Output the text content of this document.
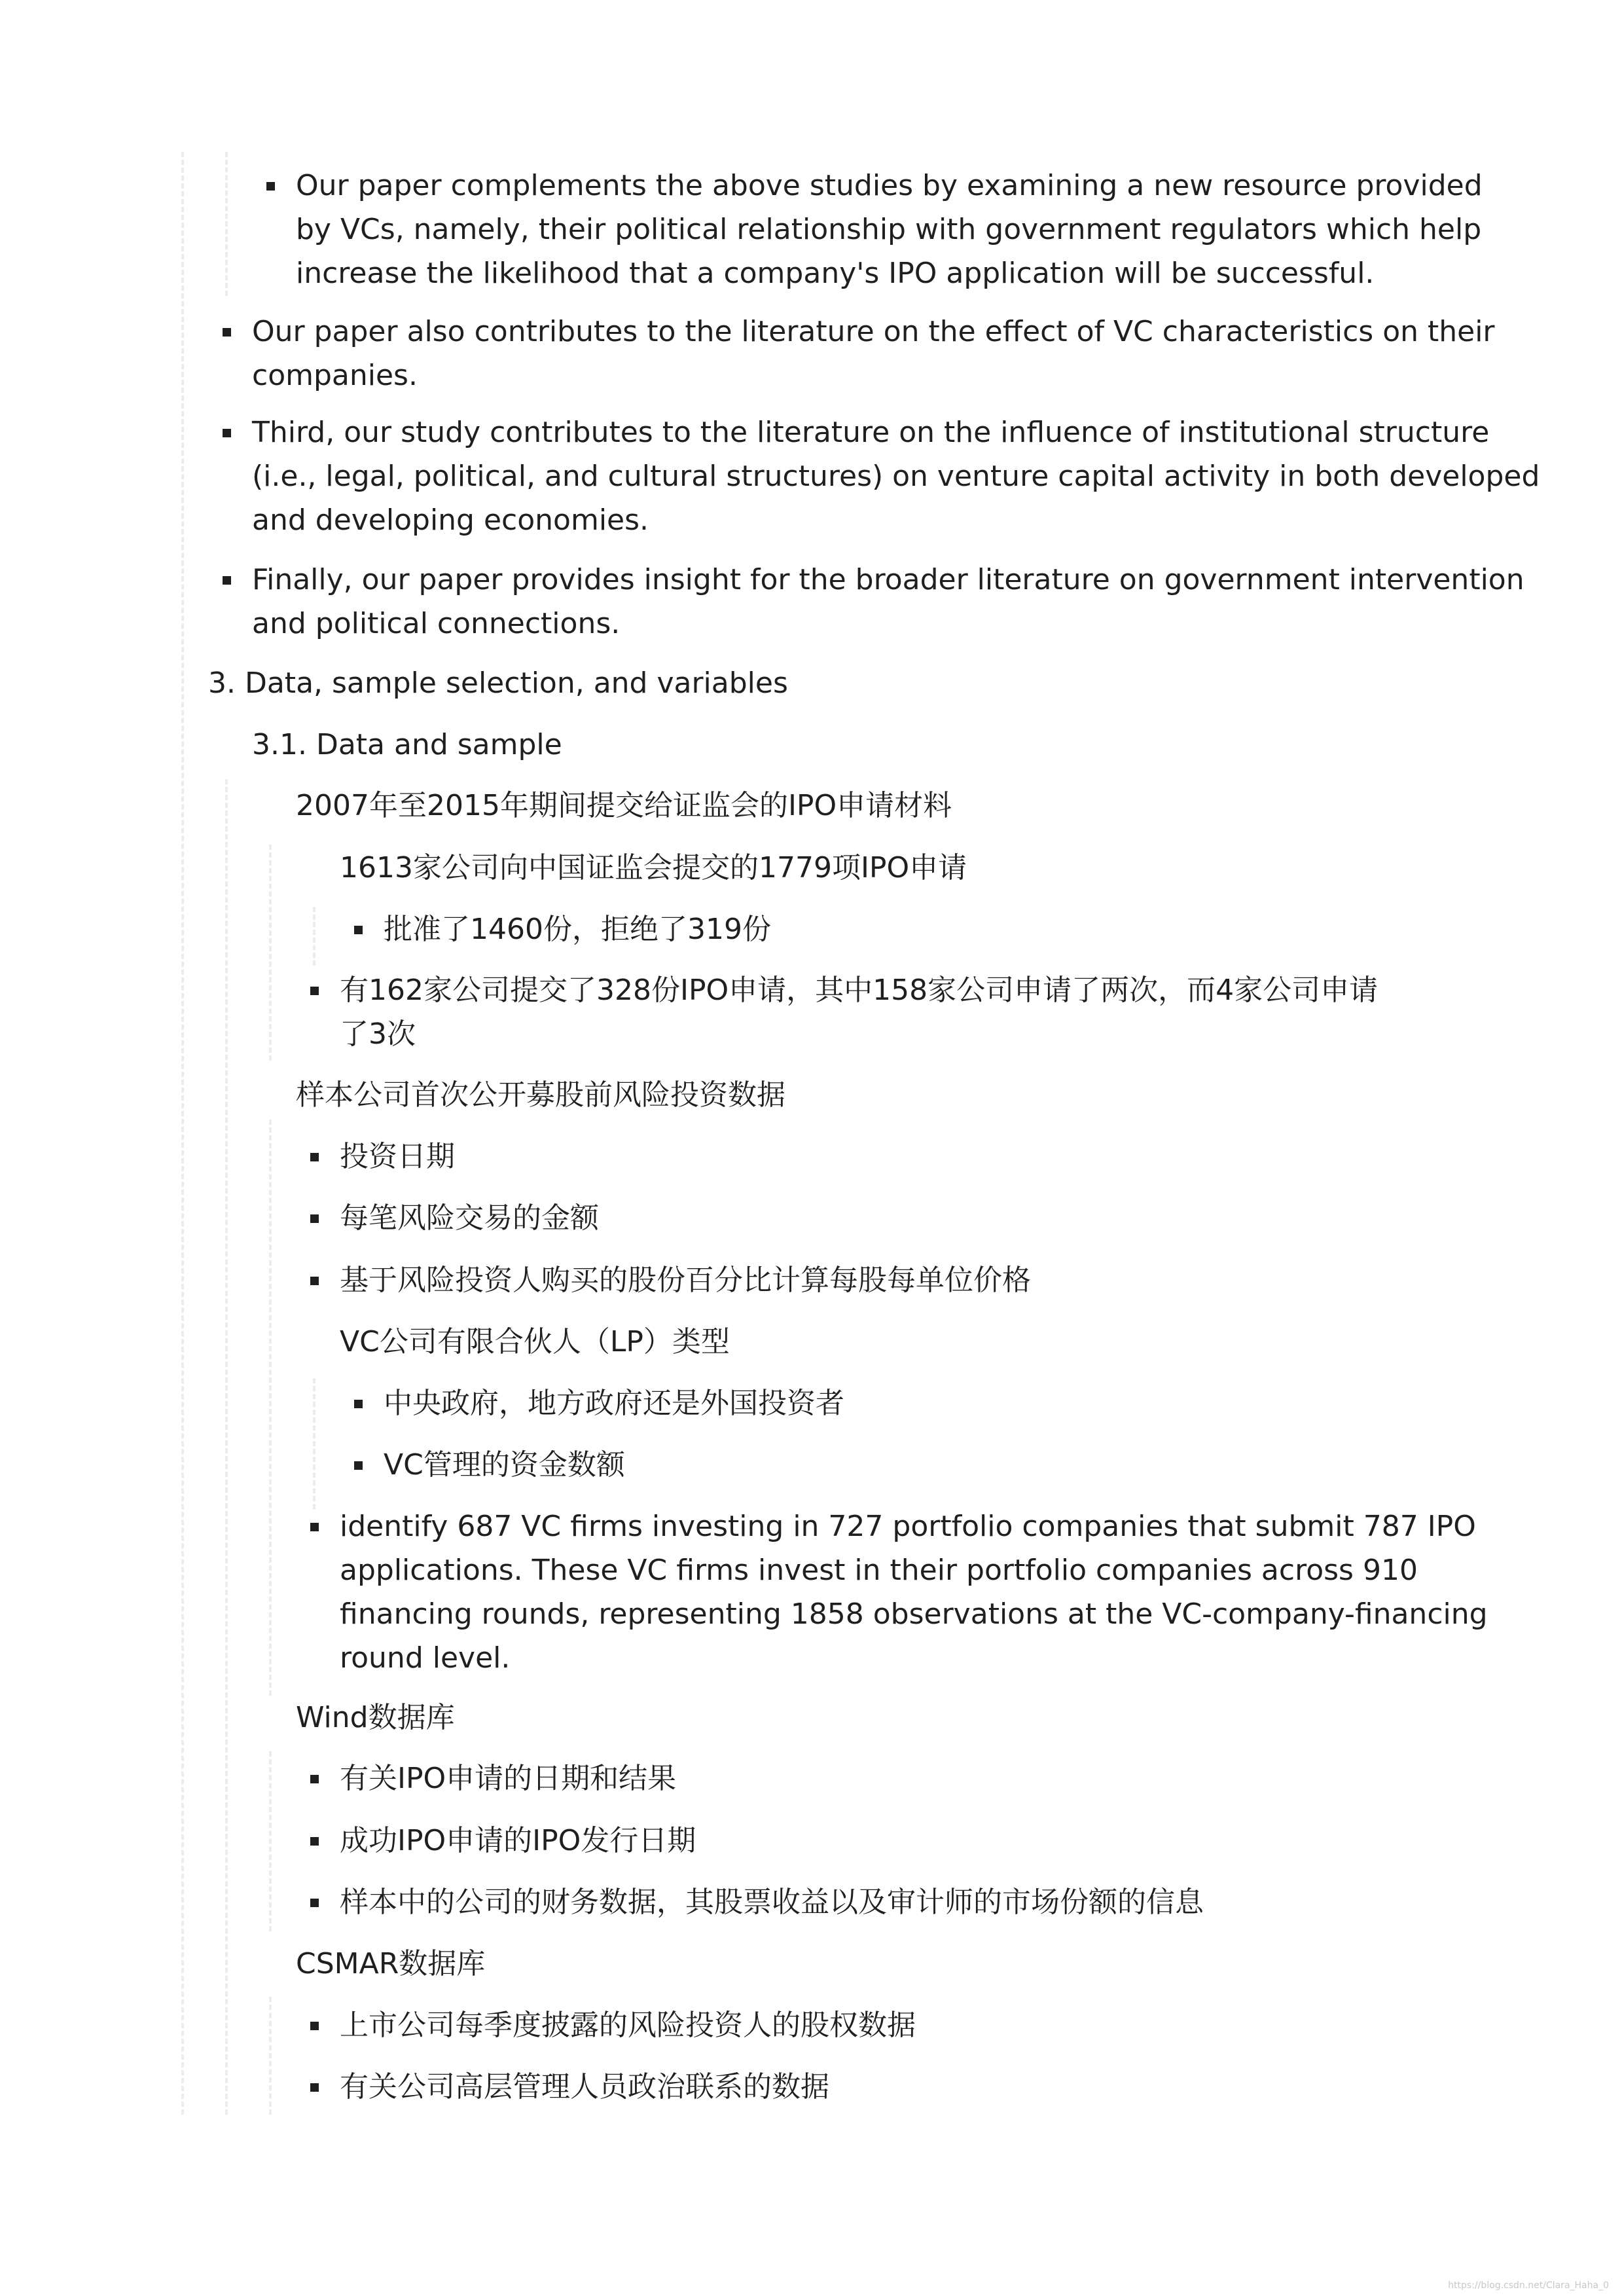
Our paper complements the above studies by examining a new resource provided

by VCs, namely, their political relationship with government regulators which help

increase the likelihood that a company's IPO application will be successful.

Our paper also contributes to the literature on the effect of VC characteristics on their

companies.

Third, our study contributes to the literature on the influence of institutional structure

(i.e., legal, political, and cultural structures) on venture capital activity in both developed

and developing economies.

Finally, our paper provides insight for the broader literature on government intervention

and political connections.

3. Data, sample selection, and variables

3.1. Data and sample

2007年至2015年期间提交给证监会的IPO申请材料

1613家公司向中国证监会提交的1779项IPO申请

批准了1460份，拒绝了319份

有162家公司提交了328份IPO申请，其中158家公司申请了两次，而4家公司申请

了3次

样本公司首次公开募股前风险投资数据

投资日期

每笔风险交易的金额

基于风险投资人购买的股份百分比计算每股每单位价格

VC公司有限合伙人（LP）类型

中央政府，地方政府还是外国投资者

VC管理的资金数额

identify 687 VC firms investing in 727 portfolio companies that submit 787 IPO

applications. These VC firms invest in their portfolio companies across 910

financing rounds, representing 1858 observations at the VC-company-financing

round level.

Wind数据库

有关IPO申请的日期和结果

成功IPO申请的IPO发行日期

样本中的公司的财务数据，其股票收益以及审计师的市场份额的信息

CSMAR数据库

上市公司每季度披露的风险投资人的股权数据

有关公司高层管理人员政治联系的数据

https://blog.csdn.net/Clara_Haha_0
